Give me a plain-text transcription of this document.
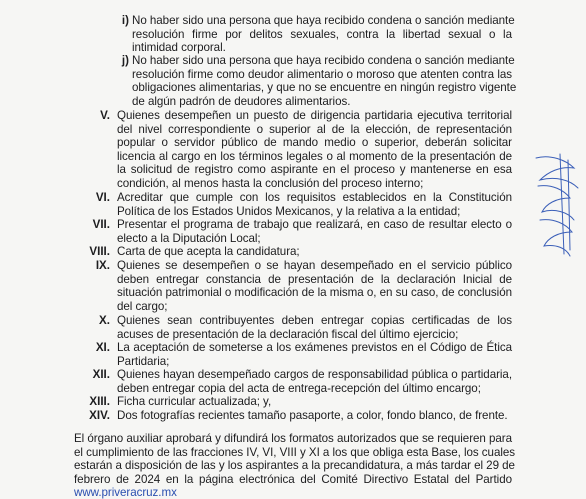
i) No haber sido una persona que haya recibido condena o sanción mediante
resolución firme por delitos sexuales, contra la libertad sexual o la
intimidad corporal.
j) No haber sido una persona que haya recibido condena o sanción mediante
resolución firme como deudor alimentario o moroso que atenten contra las
obligaciones alimentarias, y que no se encuentre en ningún registro vigente
de algún padrón de deudores alimentarios.
V. Quienes desempeñen un puesto de dirigencia partidaria ejecutiva territorial
del nivel correspondiente o superior al de la elección, de representación
popular o servidor público de mando medio o superior, deberán solicitar
licencia al cargo en los términos legales o al momento de la presentación de
la solicitud de registro como aspirante en el proceso y mantenerse en esa
condición, al menos hasta la conclusión del proceso interno;
VI. Acreditar que cumple con los requisitos establecidos en la Constitución
Política de los Estados Unidos Mexicanos, y la relativa a la entidad;
VII. Presentar el programa de trabajo que realizará, en caso de resultar electo o
electo a la Diputación Local;
VIII. Carta de que acepta la candidatura;
IX. Quienes se desempeñen o se hayan desempeñado en el servicio público
deben entregar constancia de presentación de la declaración Inicial de
situación patrimonial o modificación de la misma o, en su caso, de conclusión
del cargo;
X. Quienes sean contribuyentes deben entregar copias certificadas de los
acuses de presentación de la declaración fiscal del último ejercicio;
XI. La aceptación de someterse a los exámenes previstos en el Código de Ética
Partidaria;
XII. Quienes hayan desempeñado cargos de responsabilidad pública o partidaria,
deben entregar copia del acta de entrega-recepción del último encargo;
XIII. Ficha curricular actualizada; y,
XIV. Dos fotografías recientes tamaño pasaporte, a color, fondo blanco, de frente.
El órgano auxiliar aprobará y difundirá los formatos autorizados que se requieren para
el cumplimiento de las fracciones IV, VI, VIII y XI a los que obliga esta Base, los cuales
estarán a disposición de las y los aspirantes a la precandidatura, a más tardar el 29 de
febrero de 2024 en la página electrónica del Comité Directivo Estatal del Partido
www.priveracruz.mx
